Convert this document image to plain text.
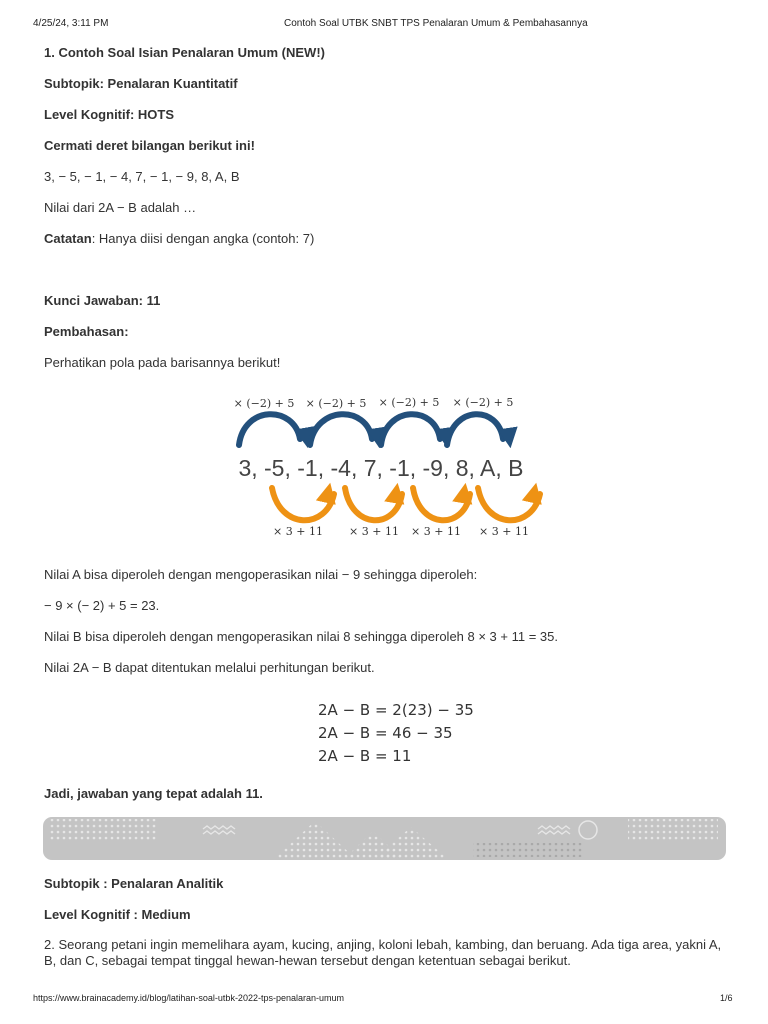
4/25/24, 3:11 PM	Contoh Soal UTBK SNBT TPS Penalaran Umum & Pembahasannya
1. Contoh Soal Isian Penalaran Umum (NEW!)
Subtopik: Penalaran Kuantitatif
Level Kognitif: HOTS
Cermati deret bilangan berikut ini!
3, − 5, − 1, − 4, 7, − 1, − 9, 8, A, B
Nilai dari 2A − B adalah …
Catatan: Hanya diisi dengan angka (contoh: 7)
Kunci Jawaban: 11
Pembahasan:
Perhatikan pola pada barisannya berikut!
× (−2) + 5 × (−2) + 5 × (−2) + 5 × (−2) + 5
3, -5, -1, -4, 7, -1, -9, 8, A, B
× 3 + 11 × 3 + 11 × 3 + 11 × 3 + 11
Nilai A bisa diperoleh dengan mengoperasikan nilai − 9 sehingga diperoleh:
− 9 × (− 2) + 5 = 23.
Nilai B bisa diperoleh dengan mengoperasikan nilai 8 sehingga diperoleh 8 × 3 + 11 = 35.
Nilai 2A − B dapat ditentukan melalui perhitungan berikut.
2A − B = 2(23) − 35
2A − B = 46 − 35
2A − B = 11
Jadi, jawaban yang tepat adalah 11.
Subtopik : Penalaran Analitik
Level Kognitif : Medium
2. Seorang petani ingin memelihara ayam, kucing, anjing, koloni lebah, kambing, dan beruang. Ada tiga area, yakni A, B, dan C, sebagai tempat tinggal hewan-hewan tersebut dengan ketentuan sebagai berikut.
https://www.brainacademy.id/blog/latihan-soal-utbk-2022-tps-penalaran-umum	1/6
